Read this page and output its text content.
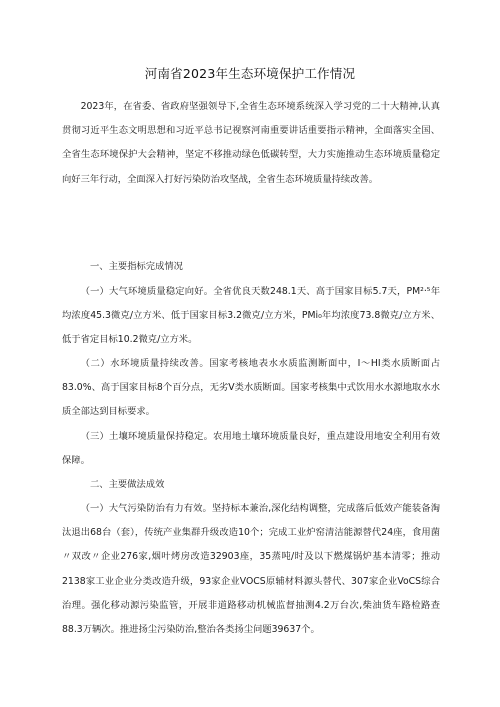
河南省2023年生态环境保护工作情况
2023年，在省委、省政府坚强领导下,全省生态环境系统深入学习党的二十大精神,认真贯彻习近平生态文明思想和习近平总书记视察河南重要讲话重要指示精神，全面落实全国、全省生态环境保护大会精神，坚定不移推动绿色低碳转型，大力实施推动生态环境质量稳定向好三年行动，全面深入打好污染防治攻坚战，全省生态环境质量持续改善。
一、主要指标完成情况
（一）大气环境质量稳定向好。全省优良天数248.1天、高于国家目标5.7天，PM²·⁵年均浓度45.3微克/立方米、低于国家目标3.2微克/立方米，PMi₀年均浓度73.8微克/立方米、低于省定目标10.2微克/立方米。
（二）水环境质量持续改善。国家考核地表水水质监测断面中，I～HI类水质断面占83.0%、高于国家目标8个百分点，无劣V类水质断面。国家考核集中式饮用水水源地取水水质全部达到目标要求。
（三）土壤环境质量保持稳定。农用地土壤环境质量良好，重点建设用地安全利用有效保障。
二、主要做法成效
（一）大气污染防治有力有效。坚持标本兼治,深化结构调整，完成落后低效产能装备淘汰退出68台（套），传统产业集群升级改造10个；完成工业炉窑清洁能源替代24座，食用菌〃双改〃企业276家,烟叶烤房改造32903座，35蒸吨/时及以下燃煤锅炉基本清零；推动2138家工业企业分类改造升级，93家企业VOCS原辅材料源头替代、307家企业VoCS综合治理。强化移动源污染监管，开展非道路移动机械监督抽测4.2万台次,柴油货车路检路查88.3万辆次。推进扬尘污染防治,整治各类扬尘问题39637个。
